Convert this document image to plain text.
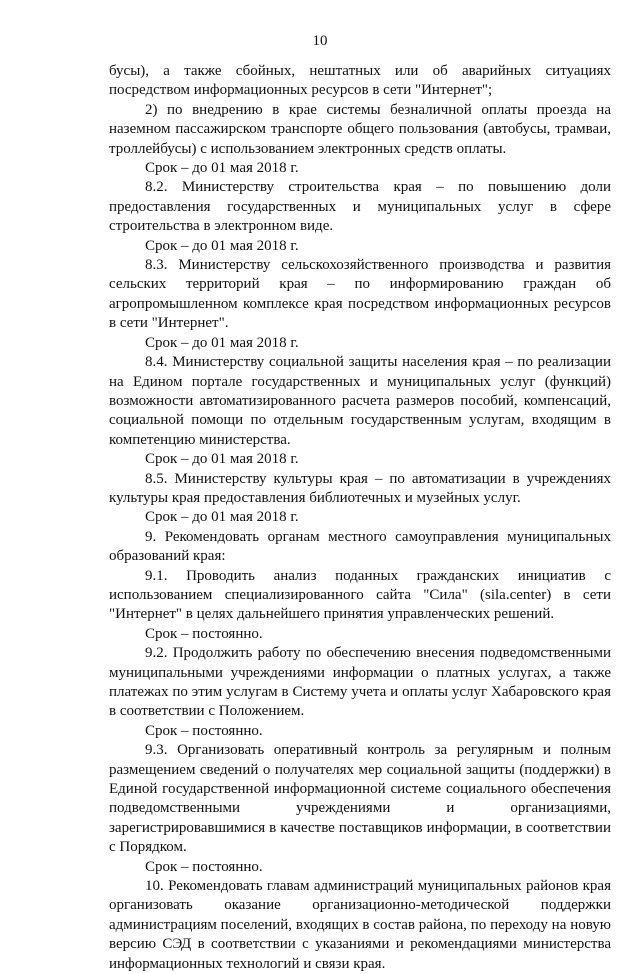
10

бусы), а также сбойных, нештатных или об аварийных ситуациях посредством информационных ресурсов в сети "Интернет";

2) по внедрению в крае системы безналичной оплаты проезда на наземном пассажирском транспорте общего пользования (автобусы, трамваи, троллейбусы) с использованием электронных средств оплаты.

Срок – до 01 мая 2018 г.

8.2. Министерству строительства края – по повышению доли предоставления государственных и муниципальных услуг в сфере строительства в электронном виде.

Срок – до 01 мая 2018 г.

8.3. Министерству сельскохозяйственного производства и развития сельских территорий края – по информированию граждан об агропромышленном комплексе края посредством информационных ресурсов в сети "Интернет".

Срок – до 01 мая 2018 г.

8.4. Министерству социальной защиты населения края – по реализации на Едином портале государственных и муниципальных услуг (функций) возможности автоматизированного расчета размеров пособий, компенсаций, социальной помощи по отдельным государственным услугам, входящим в компетенцию министерства.

Срок – до 01 мая 2018 г.

8.5. Министерству культуры края – по автоматизации в учреждениях культуры края предоставления библиотечных и музейных услуг.

Срок – до 01 мая 2018 г.

9. Рекомендовать органам местного самоуправления муниципальных образований края:

9.1. Проводить анализ поданных гражданских инициатив с использованием специализированного сайта "Сила" (sila.center) в сети "Интернет" в целях дальнейшего принятия управленческих решений.

Срок – постоянно.

9.2. Продолжить работу по обеспечению внесения подведомственными муниципальными учреждениями информации о платных услугах, а также платежах по этим услугам в Систему учета и оплаты услуг Хабаровского края в соответствии с Положением.

Срок – постоянно.

9.3. Организовать оперативный контроль за регулярным и полным размещением сведений о получателях мер социальной защиты (поддержки) в Единой государственной информационной системе социального обеспечения подведомственными учреждениями и организациями, зарегистрировавшимися в качестве поставщиков информации, в соответствии с Порядком.

Срок – постоянно.

10. Рекомендовать главам администраций муниципальных районов края организовать оказание организационно-методической поддержки администрациям поселений, входящих в состав района, по переходу на новую версию СЭД в соответствии с указаниями и рекомендациями министерства информационных технологий и связи края.
